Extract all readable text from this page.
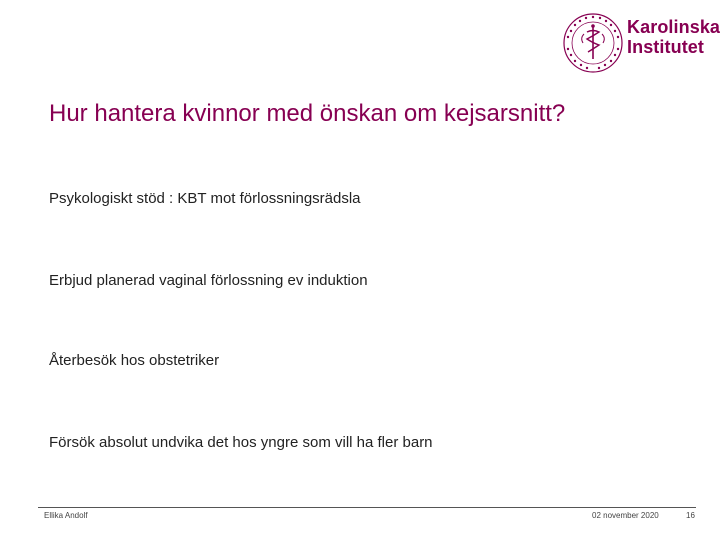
Karolinska
Institutet
Hur hantera kvinnor med önskan om kejsarsnitt?
Psykologiskt stöd : KBT mot förlossningsrädsla
Erbjud planerad vaginal förlossning ev induktion
Återbesök hos obstetriker
Försök absolut undvika det hos yngre som vill ha fler barn
Ellika Andolf	02 november 2020	16
